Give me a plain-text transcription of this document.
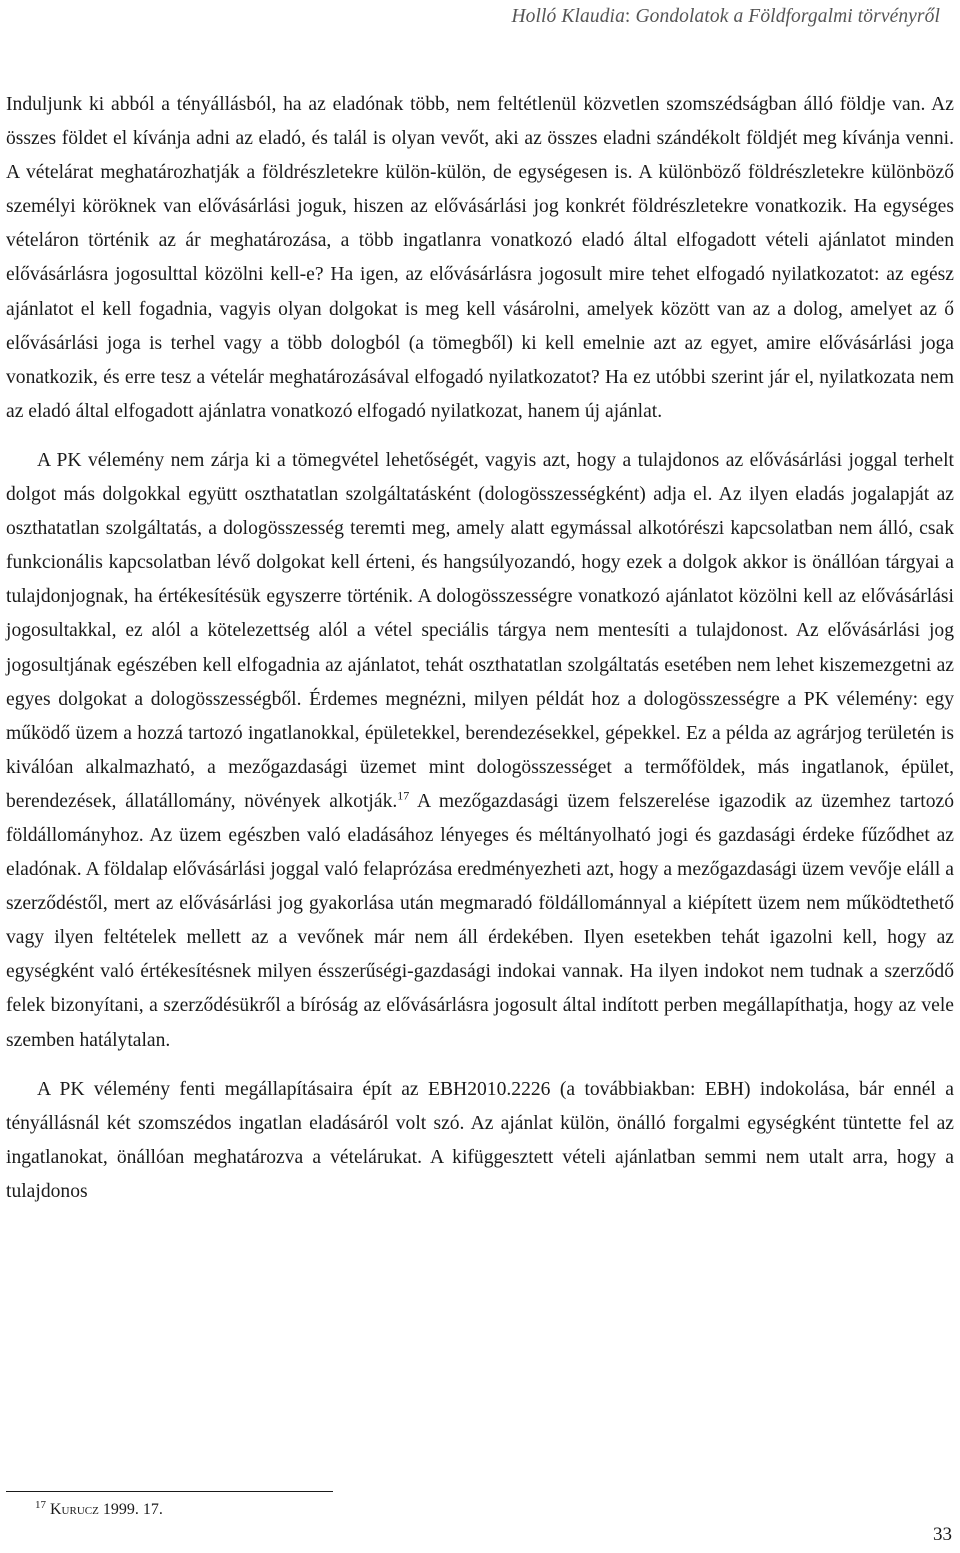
Holló Klaudia: Gondolatok a Földforgalmi törvényről

Induljunk ki abból a tényállásból, ha az eladónak több, nem feltétlenül közvetlen szomszédságban álló földje van. Az összes földet el kívánja adni az eladó, és talál is olyan vevőt, aki az összes eladni szándékolt földjét meg kívánja venni. A vételárat meghatározhatják a földrészletekre külön-külön, de egységesen is. A különböző földrészletekre különböző személyi köröknek van elővásárlási joguk, hiszen az elővásárlási jog konkrét földrészletekre vonatkozik. Ha egységes vételáron történik az ár meghatározása, a több ingatlanra vonatkozó eladó által elfogadott vételi ajánlatot minden elővásárlásra jogosulttal közölni kell-e? Ha igen, az elővásárlásra jogosult mire tehet elfogadó nyilatkozatot: az egész ajánlatot el kell fogadnia, vagyis olyan dolgokat is meg kell vásárolni, amelyek között van az a dolog, amelyet az ő elővásárlási joga is terhel vagy a több dologból (a tömegből) ki kell emelnie azt az egyet, amire elővásárlási joga vonatkozik, és erre tesz a vételár meghatározásával elfogadó nyilatkozatot? Ha ez utóbbi szerint jár el, nyilatkozata nem az eladó által elfogadott ajánlatra vonatkozó elfogadó nyilatkozat, hanem új ajánlat.

A PK vélemény nem zárja ki a tömegvétel lehetőségét, vagyis azt, hogy a tulajdonos az elővásárlási joggal terhelt dolgot más dolgokkal együtt oszthatatlan szolgáltatásként (dologösszességként) adja el. Az ilyen eladás jogalapját az oszthatatlan szolgáltatás, a dologösszesség teremti meg, amely alatt egymással alkotórészi kapcsolatban nem álló, csak funkcionális kapcsolatban lévő dolgokat kell érteni, és hangsúlyozandó, hogy ezek a dolgok akkor is önállóan tárgyai a tulajdonjognak, ha értékesítésük egyszerre történik. A dologösszességre vonatkozó ajánlatot közölni kell az elővásárlási jogosultakkal, ez alól a kötelezettség alól a vétel speciális tárgya nem mentesíti a tulajdonost. Az elővásárlási jog jogosultjának egészében kell elfogadnia az ajánlatot, tehát oszthatatlan szolgáltatás esetében nem lehet kiszemezgetni az egyes dolgokat a dologösszességből. Érdemes megnézni, milyen példát hoz a dologösszességre a PK vélemény: egy működő üzem a hozzá tartozó ingatlanokkal, épületekkel, berendezésekkel, gépekkel. Ez a példa az agrárjog területén is kiválóan alkalmazható, a mezőgazdasági üzemet mint dologösszességet a termőföldek, más ingatlanok, épület, berendezések, állatállomány, növények alkotják.$^{17}$ A mezőgazdasági üzem felszerelése igazodik az üzemhez tartozó földállományhoz. Az üzem egészben való eladásához lényeges és méltányolható jogi és gazdasági érdeke fűződhet az eladónak. A földalap elővásárlási joggal való felaprózása eredményezheti azt, hogy a mezőgazdasági üzem vevője eláll a szerződéstől, mert az elővásárlási jog gyakorlása után megmaradó földállománnyal a kiépített üzem nem működtethető vagy ilyen feltételek mellett az a vevőnek már nem áll érdekében. Ilyen esetekben tehát igazolni kell, hogy az egységként való értékesítésnek milyen ésszerűségi-gazdasági indokai vannak. Ha ilyen indokot nem tudnak a szerződő felek bizonyítani, a szerződésükről a bíróság az elővásárlásra jogosult által indított perben megállapíthatja, hogy az vele szemben hatálytalan.

A PK vélemény fenti megállapításaira épít az EBH2010.2226 (a továbbiakban: EBH) indokolása, bár ennél a tényállásnál két szomszédos ingatlan eladásáról volt szó. Az ajánlat külön, önálló forgalmi egységként tüntette fel az ingatlanokat, önállóan meghatározva a vételárukat. A kifüggesztett vételi ajánlatban semmi nem utalt arra, hogy a tulajdonos

$^{17}$ Kurucz 1999. 17.
33
